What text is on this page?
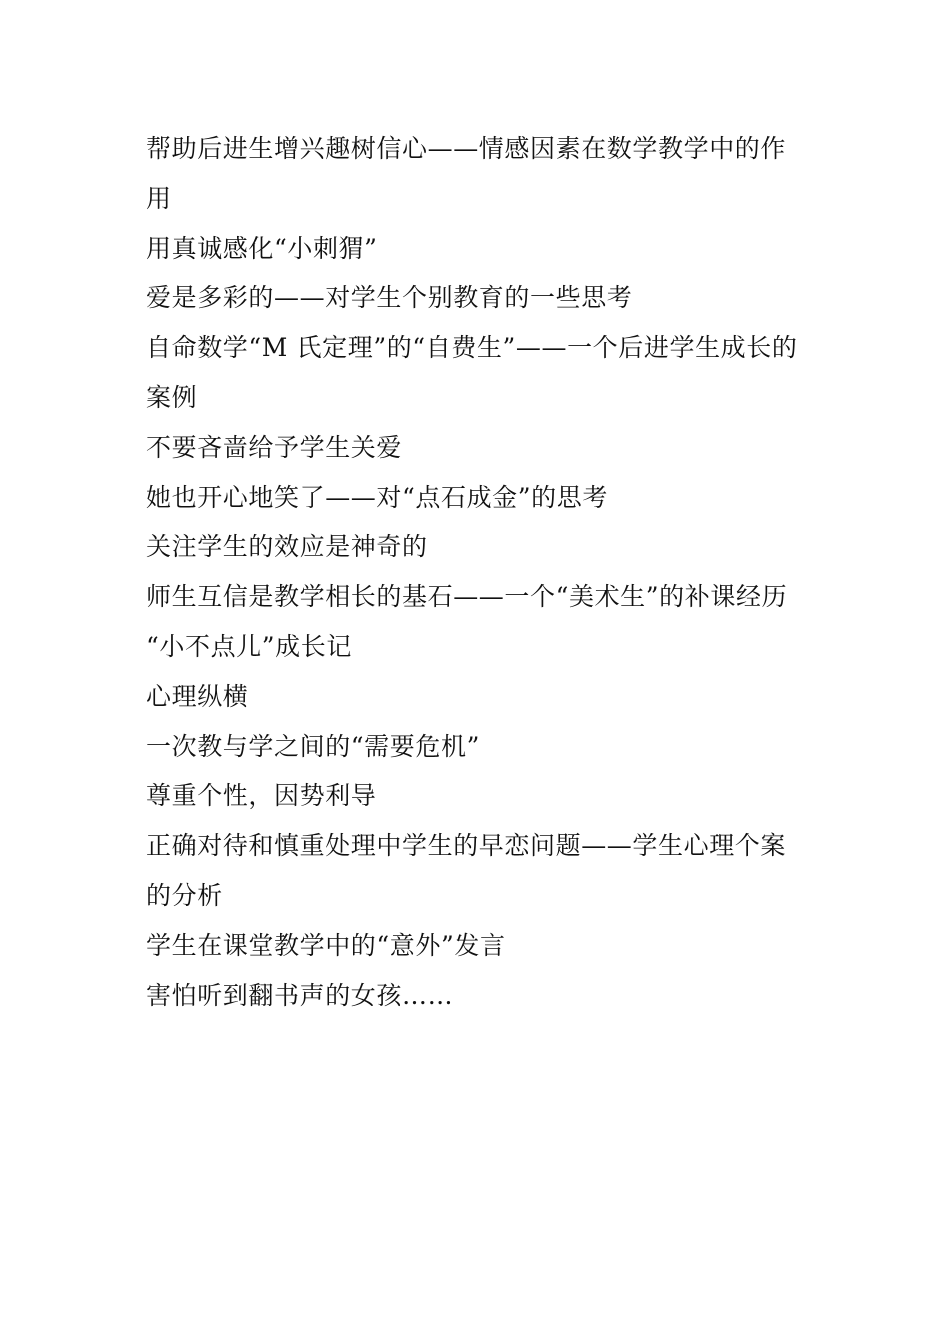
帮助后进生增兴趣树信心——情感因素在数学教学中的作用
用真诚感化“小刺猬”
爱是多彩的——对学生个别教育的一些思考
自命数学“M 氏定理”的“自费生”——一个后进学生成长的案例
不要吝啬给予学生关爱
她也开心地笑了——对“点石成金”的思考
关注学生的效应是神奇的
师生互信是教学相长的基石——一个“美术生”的补课经历
“小不点儿”成长记
心理纵横
一次教与学之间的“需要危机”
尊重个性，因势利导
正确对待和慎重处理中学生的早恋问题——学生心理个案的分析
学生在课堂教学中的“意外”发言
害怕听到翻书声的女孩……
